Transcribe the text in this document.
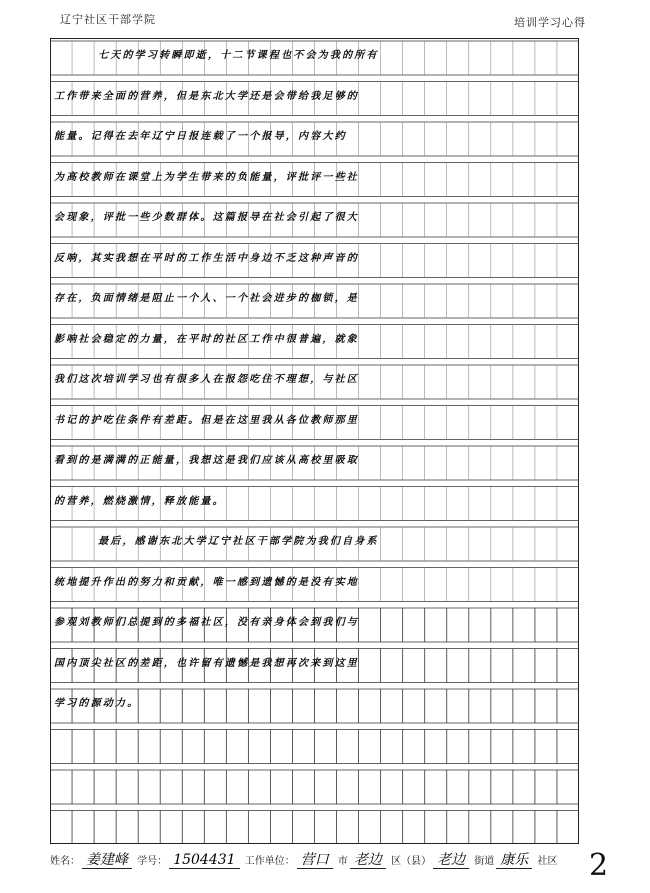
辽宁社区干部学院	培训学习心得
七天的学习转瞬即逝，十二节课程也不会为我的所有
工作带来全面的营养，但是东北大学还是会带给我足够的
能量。记得在去年辽宁日报连载了一个报导，内容大约
为高校教师在课堂上为学生带来的负能量，评批评一些社
会现象，评批一些少数群体。这篇报导在社会引起了很大
反响，其实我想在平时的工作生活中身边不乏这种声音的
存在，负面情绪是阻止一个人、一个社会进步的枷锁，是
影响社会稳定的力量，在平时的社区工作中很普遍，就象
我们这次培训学习也有很多人在报怨吃住不理想，与社区
书记的护吃住条件有差距。但是在这里我从各位教师那里
看到的是满满的正能量，我想这是我们应该从高校里吸取
的营养，燃烧激情，释放能量。
最后，感谢东北大学辽宁社区干部学院为我们自身系
统地提升作出的努力和贡献，唯一感到遗憾的是没有实地
参观刘教师们总提到的多福社区，没有亲身体会到我们与
国内顶尖社区的差距，也许留有遗憾是我想再次来到这里
学习的源动力。
姓名： 姜建峰 学号： 1504431 工作单位： 营口 市 老边 区（县） 老边 街道 康乐 社区 2
